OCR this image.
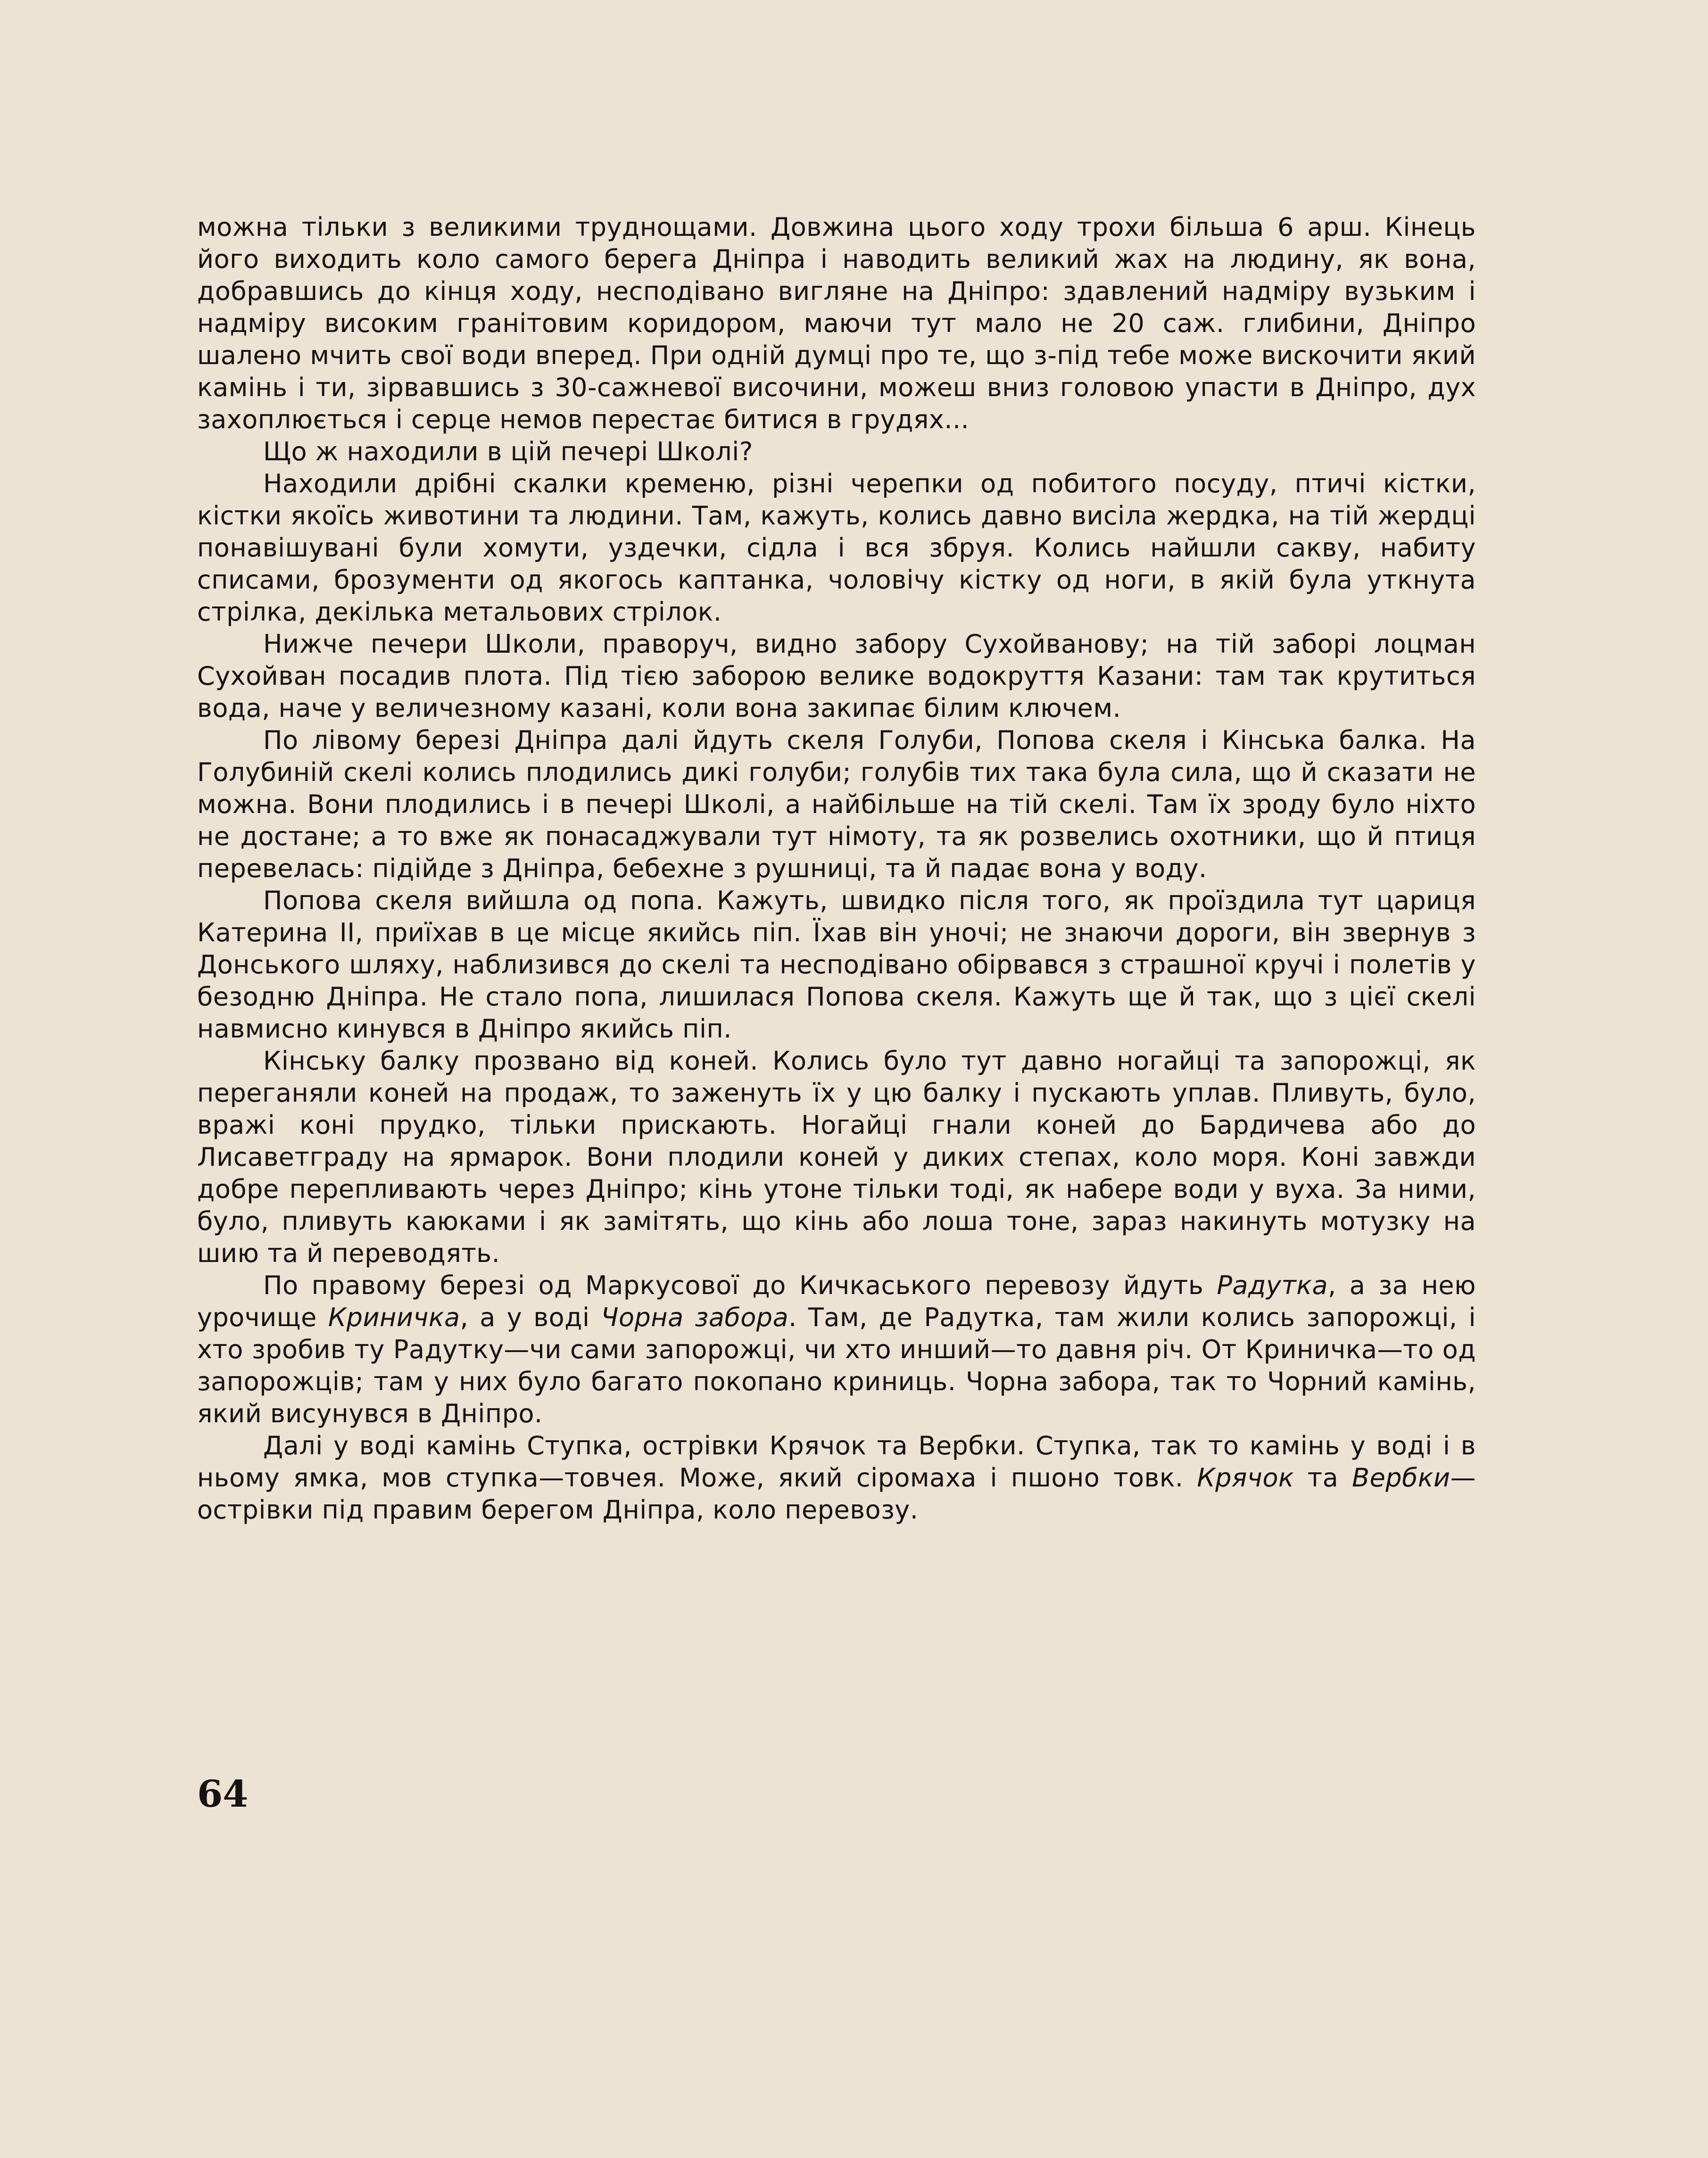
можна тільки з великими труднощами. Довжина цього ходу трохи більша 6 арш. Кінець його виходить коло самого берега Дніпра і наводить великий жах на людину, як вона, добравшись до кінця ходу, несподівано вигляне на Дніпро: здавлений надміру вузьким і надміру високим гранітовим коридором, маючи тут мало не 20 саж. глибини, Дніпро шалено мчить свої води вперед. При одній думці про те, що з-під тебе може вискочити який камінь і ти, зірвавшись з 30-сажневої височини, можеш вниз головою упасти в Дніпро, дух захоплюється і серце немов перестає битися в грудях...

Що ж находили в цій печері Школі?

Находили дрібні скалки кременю, різні черепки од побитого посуду, птичі кістки, кістки якоїсь животини та людини. Там, кажуть, колись давно висіла жердка, на тій жердці понавішувані були хомути, уздечки, сідла і вся збруя. Колись найшли сакву, набиту списами, брозументи од якогось каптанка, чоловічу кістку од ноги, в якій була уткнута стрілка, декілька метальових стрілок.

Нижче печери Школи, праворуч, видно забору Сухойванову; на тій заборі лоцман Сухойван посадив плота. Під тією заборою велике водокруття Казани: там так крутиться вода, наче у величезному казані, коли вона закипає білим ключем.

По лівому березі Дніпра далі йдуть скеля Голуби, Попова скеля і Кінська балка. На Голубиній скелі колись плодились дикі голуби; голубів тих така була сила, що й сказати не можна. Вони плодились і в печері Школі, а найбільше на тій скелі. Там їх зроду було ніхто не достане; а то вже як понасаджували тут німоту, та як розвелись охотники, що й птиця перевелась: підійде з Дніпра, бебехне з рушниці, та й падає вона у воду.

Попова скеля вийшла од попа. Кажуть, швидко після того, як проїздила тут цариця Катерина II, приїхав в це місце якийсь піп. Їхав він уночі; не знаючи дороги, він звернув з Донського шляху, наблизився до скелі та несподівано обірвався з страшної кручі і полетів у безодню Дніпра. Не стало попа, лишилася Попова скеля. Кажуть ще й так, що з цієї скелі навмисно кинувся в Дніпро якийсь піп.

Кінську балку прозвано від коней. Колись було тут давно ногайці та запорожці, як переганяли коней на продаж, то заженуть їх у цю балку і пускають уплав. Пливуть, було, вражі коні прудко, тільки прискають. Ногайці гнали коней до Бардичева або до Лисаветграду на ярмарок. Вони плодили коней у диких степах, коло моря. Коні завжди добре перепливають через Дніпро; кінь утоне тільки тоді, як набере води у вуха. За ними, було, пливуть каюками і як замітять, що кінь або лоша тоне, зараз накинуть мотузку на шию та й переводять.

По правому березі од Маркусової до Кичкаського перевозу йдуть Радутка, а за нею урочище Криничка, а у воді Чорна забора. Там, де Радутка, там жили колись запорожці, і хто зробив ту Радутку—чи сами запорожці, чи хто инший—то давня річ. От Криничка—то од запорожців; там у них було багато покопано криниць. Чорна забора, так то Чорний камінь, який висунувся в Дніпро.

Далі у воді камінь Ступка, острівки Крячок та Вербки. Ступка, так то камінь у воді і в ньому ямка, мов ступка—товчея. Може, який сіромаха і пшоно товк. Крячок та Вербки—острівки під правим берегом Дніпра, коло перевозу.

64
